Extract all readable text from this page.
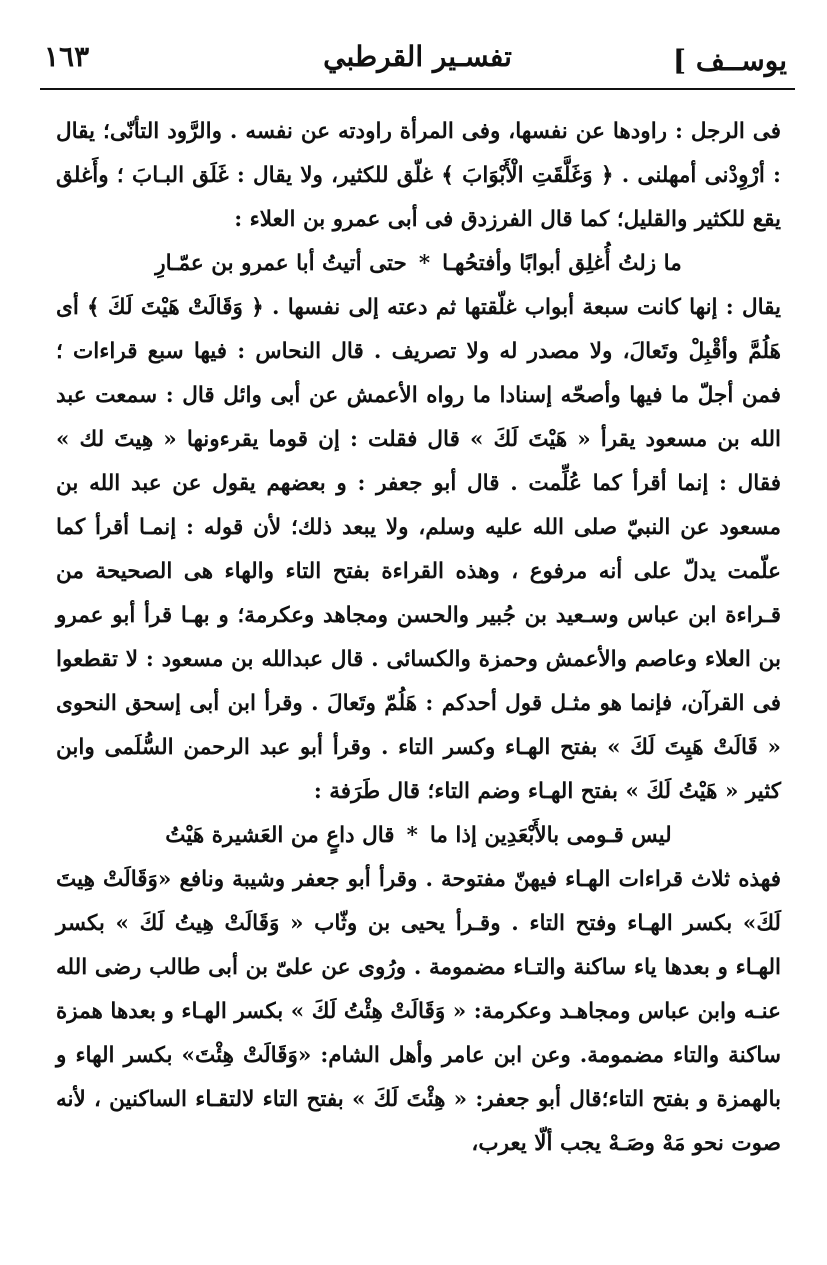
يوســف ]
تفسـير القرطبي
١٦٣

فى الرجل : راودها عن نفسها، وفى المرأة راودته عن نفسه . والرَّود التأنّى؛ يقال : أرْوِدْنى أمهلنى . ﴿ وَغَلَّقَتِ الْأَبْوَابَ ﴾ غلّق للكثير، ولا يقال : غَلَق البـابَ ؛ وأَغلق يقع للكثير والقليل؛ كما قال الفرزدق فى أبى عمرو بن العلاء :

ما زلتُ أُغلِق أبوابًا وأفتحُهـا*حتى أتيتُ أبا عمرو بن عمّـارِ

يقال : إنها كانت سبعة أبواب غلّقتها ثم دعته إلى نفسها . ﴿ وَقَالَتْ هَيْتَ لَكَ ﴾ أى هَلُمَّ وأقْبِلْ وتَعالَ، ولا مصدر له ولا تصريف . قال النحاس : فيها سبع قراءات ؛ فمن أجلّ ما فيها وأصحّه إسنادا ما رواه الأعمش عن أبى وائل قال : سمعت عبد الله بن مسعود يقرأ « هَيْتَ لَكَ » قال فقلت : إن قوما يقرءونها « هِيتَ لك » فقال : إنما أقرأ كما عُلِّمت . قال أبو جعفر : و بعضهم يقول عن عبد الله بن مسعود عن النبيّ صلى الله عليه وسلم، ولا يبعد ذلك؛ لأن قوله : إنمـا أقرأ كما علّمت يدلّ على أنه مرفوع ، وهذه القراءة بفتح التاء والهاء هى الصحيحة من قـراءة ابن عباس وسـعيد بن جُبير والحسن ومجاهد وعكرمة؛ و بهـا قرأ أبو عمرو بن العلاء وعاصم والأعمش وحمزة والكسائى . قال عبدالله بن مسعود : لا تقطعوا فى القرآن، فإنما هو مثـل قول أحدكم : هَلُمّ وتَعالَ . وقرأ ابن أبى إسحق النحوى « قَالَتْ هَيِتَ لَكَ » بفتح الهـاء وكسر التاء . وقرأ أبو عبد الرحمن السُّلَمى وابن كثير « هَيْتُ لَكَ » بفتح الهـاء وضم التاء؛ قال طَرَفة :

ليس قـومى بالأَبْعَدِين إذا ما*قال داعٍ من العَشيرة هَيْتُ

فهذه ثلاث قراءات الهـاء فيهنّ مفتوحة . وقرأ أبو جعفر وشيبة ونافع «وَقَالَتْ هِيتَ لَكَ» بكسر الهـاء وفتح التاء . وقـرأ يحيى بن وثّاب « وَقَالَتْ هِيتُ لَكَ » بكسر الهـاء و بعدها ياء ساكنة والتـاء مضمومة . ورُوى عن علىّ بن أبى طالب رضى الله عنـه وابن عباس ومجاهـد وعكرمة: « وَقَالَتْ هِئْتُ لَكَ » بكسر الهـاء و بعدها همزة ساكنة والتاء مضمومة. وعن ابن عامر وأهل الشام: «وَقَالَتْ هِئْتَ» بكسر الهاء و بالهمزة و بفتح التاء؛قال أبو جعفر: « هِئْتَ لَكَ » بفتح التاء لالتقـاء الساكنين ، لأنه صوت نحو مَهْ وصَـهْ يجب ألّا يعرب،
